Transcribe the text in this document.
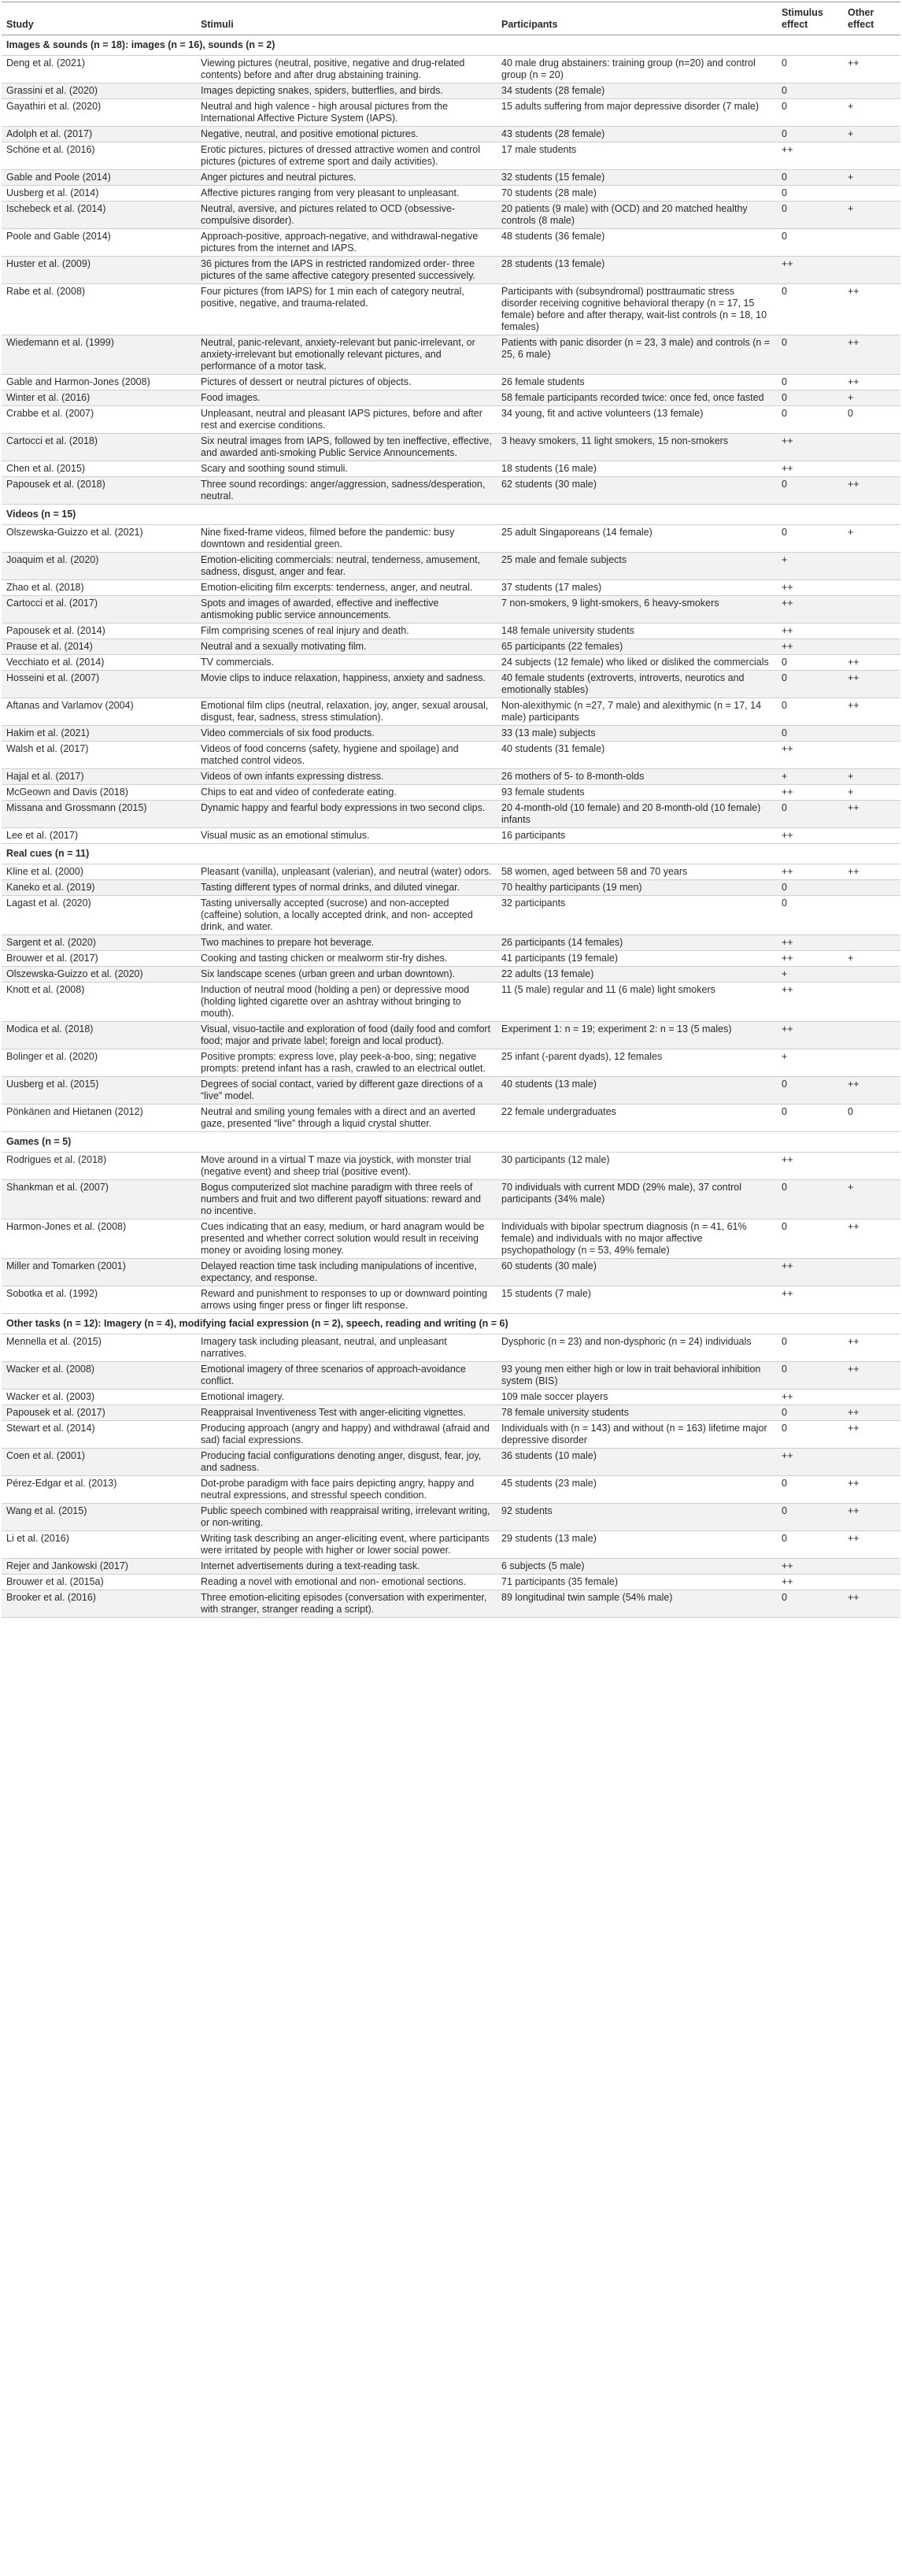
Study	Stimuli	Participants	Stimulus effect	Other effect
Images & sounds (n = 18): images (n = 16), sounds (n = 2)				
Deng et al. (2021)	Viewing pictures (neutral, positive, negative and drug-related contents) before and after drug abstaining training.	40 male drug abstainers: training group (n=20) and control group (n = 20)	0	++
Grassini et al. (2020)	Images depicting snakes, spiders, butterflies, and birds.	34 students (28 female)	0	
Gayathiri et al. (2020)	Neutral and high valence - high arousal pictures from the International Affective Picture System (IAPS).	15 adults suffering from major depressive disorder (7 male)	0	+
Adolph et al. (2017)	Negative, neutral, and positive emotional pictures.	43 students (28 female)	0	+
Schöne et al. (2016)	Erotic pictures, pictures of dressed attractive women and control pictures (pictures of extreme sport and daily activities).	17 male students	++	
Gable and Poole (2014)	Anger pictures and neutral pictures.	32 students (15 female)	0	+
Uusberg et al. (2014)	Affective pictures ranging from very pleasant to unpleasant.	70 students (28 male)	0	
Ischebeck et al. (2014)	Neutral, aversive, and pictures related to OCD (obsessive-compulsive disorder).	20 patients (9 male) with (OCD) and 20 matched healthy controls (8 male)	0	+
Poole and Gable (2014)	Approach-positive, approach-negative, and withdrawal-negative pictures from the internet and IAPS.	48 students (36 female)	0	
Huster et al. (2009)	36 pictures from the IAPS in restricted randomized order- three pictures of the same affective category presented successively.	28 students (13 female)	++	
Rabe et al. (2008)	Four pictures (from IAPS) for 1 min each of category neutral, positive, negative, and trauma-related.	Participants with (subsyndromal) posttraumatic stress disorder receiving cognitive behavioral therapy (n = 17, 15 female) before and after therapy, wait-list controls (n = 18, 10 females)	0	++
Wiedemann et al. (1999)	Neutral, panic-relevant, anxiety-relevant but panic-irrelevant, or anxiety-irrelevant but emotionally relevant pictures, and performance of a motor task.	Patients with panic disorder (n = 23, 3 male) and controls (n = 25, 6 male)	0	++
Gable and Harmon-Jones (2008)	Pictures of dessert or neutral pictures of objects.	26 female students	0	++
Winter et al. (2016)	Food images.	58 female participants recorded twice: once fed, once fasted	0	+
Crabbe et al. (2007)	Unpleasant, neutral and pleasant IAPS pictures, before and after rest and exercise conditions.	34 young, fit and active volunteers (13 female)	0	0
Cartocci et al. (2018)	Six neutral images from IAPS, followed by ten ineffective, effective, and awarded anti-smoking Public Service Announcements.	3 heavy smokers, 11 light smokers, 15 non-smokers	++	
Chen et al. (2015)	Scary and soothing sound stimuli.	18 students (16 male)	++	
Papousek et al. (2018)	Three sound recordings: anger/aggression, sadness/desperation, neutral.	62 students (30 male)	0	++
Videos (n = 15)				
Olszewska-Guizzo et al. (2021)	Nine fixed-frame videos, filmed before the pandemic: busy downtown and residential green.	25 adult Singaporeans (14 female)	0	+
Joaquim et al. (2020)	Emotion-eliciting commercials: neutral, tenderness, amusement, sadness, disgust, anger and fear.	25 male and female subjects	+	
Zhao et al. (2018)	Emotion-eliciting film excerpts: tenderness, anger, and neutral.	37 students (17 males)	++	
Cartocci et al. (2017)	Spots and images of awarded, effective and ineffective antismoking public service announcements.	7 non-smokers, 9 light-smokers, 6 heavy-smokers	++	
Papousek et al. (2014)	Film comprising scenes of real injury and death.	148 female university students	++	
Prause et al. (2014)	Neutral and a sexually motivating film.	65 participants (22 females)	++	
Vecchiato et al. (2014)	TV commercials.	24 subjects (12 female) who liked or disliked the commercials	0	++
Hosseini et al. (2007)	Movie clips to induce relaxation, happiness, anxiety and sadness.	40 female students (extroverts, introverts, neurotics and emotionally stables)	0	++
Aftanas and Varlamov (2004)	Emotional film clips (neutral, relaxation, joy, anger, sexual arousal, disgust, fear, sadness, stress stimulation).	Non-alexithymic (n =27, 7 male) and alexithymic (n = 17, 14 male) participants	0	++
Hakim et al. (2021)	Video commercials of six food products.	33 (13 male) subjects	0	
Walsh et al. (2017)	Videos of food concerns (safety, hygiene and spoilage) and matched control videos.	40 students (31 female)	++	
Hajal et al. (2017)	Videos of own infants expressing distress.	26 mothers of 5- to 8-month-olds	+	+
McGeown and Davis (2018)	Chips to eat and video of confederate eating.	93 female students	++	+
Missana and Grossmann (2015)	Dynamic happy and fearful body expressions in two second clips.	20 4-month-old (10 female) and 20 8-month-old (10 female) infants	0	++
Lee et al. (2017)	Visual music as an emotional stimulus.	16 participants	++	
Real cues (n = 11)				
Kline et al. (2000)	Pleasant (vanilla), unpleasant (valerian), and neutral (water) odors.	58 women, aged between 58 and 70 years	++	++
Kaneko et al. (2019)	Tasting different types of normal drinks, and diluted vinegar.	70 healthy participants (19 men)	0	
Lagast et al. (2020)	Tasting universally accepted (sucrose) and non-accepted (caffeine) solution, a locally accepted drink, and non- accepted drink, and water.	32 participants	0	
Sargent et al. (2020)	Two machines to prepare hot beverage.	26 participants (14 females)	++	
Brouwer et al. (2017)	Cooking and tasting chicken or mealworm stir-fry dishes.	41 participants (19 female)	++	+
Olszewska-Guizzo et al. (2020)	Six landscape scenes (urban green and urban downtown).	22 adults (13 female)	+	
Knott et al. (2008)	Induction of neutral mood (holding a pen) or depressive mood (holding lighted cigarette over an ashtray without bringing to mouth).	11 (5 male) regular and 11 (6 male) light smokers	++	
Modica et al. (2018)	Visual, visuo-tactile and exploration of food (daily food and comfort food; major and private label; foreign and local product).	Experiment 1: n = 19; experiment 2: n = 13 (5 males)	++	
Bolinger et al. (2020)	Positive prompts: express love, play peek-a-boo, sing; negative prompts: pretend infant has a rash, crawled to an electrical outlet.	25 infant (-parent dyads), 12 females	+	
Uusberg et al. (2015)	Degrees of social contact, varied by different gaze directions of a “live” model.	40 students (13 male)	0	++
Pönkänen and Hietanen (2012)	Neutral and smiling young females with a direct and an averted gaze, presented “live” through a liquid crystal shutter.	22 female undergraduates	0	0
Games (n = 5)				
Rodrigues et al. (2018)	Move around in a virtual T maze via joystick, with monster trial (negative event) and sheep trial (positive event).	30 participants (12 male)	++	
Shankman et al. (2007)	Bogus computerized slot machine paradigm with three reels of numbers and fruit and two different payoff situations: reward and no incentive.	70 individuals with current MDD (29% male), 37 control participants (34% male)	0	+
Harmon-Jones et al. (2008)	Cues indicating that an easy, medium, or hard anagram would be presented and whether correct solution would result in receiving money or avoiding losing money.	Individuals with bipolar spectrum diagnosis (n = 41, 61% female) and individuals with no major affective psychopathology (n = 53, 49% female)	0	++
Miller and Tomarken (2001)	Delayed reaction time task including manipulations of incentive, expectancy, and response.	60 students (30 male)	++	
Sobotka et al. (1992)	Reward and punishment to responses to up or downward pointing arrows using finger press or finger lift response.	15 students (7 male)	++	
Other tasks (n = 12): Imagery (n = 4), modifying facial expression (n = 2), speech, reading and writing (n = 6)				
Mennella et al. (2015)	Imagery task including pleasant, neutral, and unpleasant narratives.	Dysphoric (n = 23) and non-dysphoric (n = 24) individuals	0	++
Wacker et al. (2008)	Emotional imagery of three scenarios of approach-avoidance conflict.	93 young men either high or low in trait behavioral inhibition system (BIS)	0	++
Wacker et al. (2003)	Emotional imagery.	109 male soccer players	++	
Papousek et al. (2017)	Reappraisal Inventiveness Test with anger-eliciting vignettes.	78 female university students	0	++
Stewart et al. (2014)	Producing approach (angry and happy) and withdrawal (afraid and sad) facial expressions.	Individuals with (n = 143) and without (n = 163) lifetime major depressive disorder	0	++
Coen et al. (2001)	Producing facial configurations denoting anger, disgust, fear, joy, and sadness.	36 students (10 male)	++	
Pérez-Edgar et al. (2013)	Dot-probe paradigm with face pairs depicting angry, happy and neutral expressions, and stressful speech condition.	45 students (23 male)	0	++
Wang et al. (2015)	Public speech combined with reappraisal writing, irrelevant writing, or non-writing.	92 students	0	++
Li et al. (2016)	Writing task describing an anger-eliciting event, where participants were irritated by people with higher or lower social power.	29 students (13 male)	0	++
Rejer and Jankowski (2017)	Internet advertisements during a text-reading task.	6 subjects (5 male)	++	
Brouwer et al. (2015a)	Reading a novel with emotional and non- emotional sections.	71 participants (35 female)	++	
Brooker et al. (2016)	Three emotion-eliciting episodes (conversation with experimenter, with stranger, stranger reading a script).	89 longitudinal twin sample (54% male)	0	++
